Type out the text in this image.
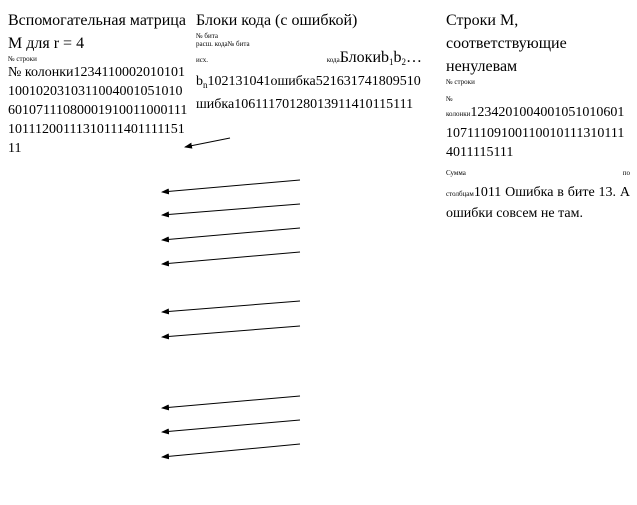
Вспомогательная матрица M для r = 4
№ строки
№ колонки12341100020101011001020310311004001051010601071110800019100110001111011120011131011140111115111
Блоки кода (с ошибкой)
№ бита
расш. кода№ бита
исх.	$кодаБлокиb_1b_2\dots$
$b_n102131041ошибка521631741809510шибка10611170128013911410115111$
Строки M, соответствующие ненулевам
№ строки
№
колонки1234201004001051010601107111091001100101113101114011115111
Сумма	по
столбцам1011 Ошибка в бите 13. А ошибки совсем не там.
